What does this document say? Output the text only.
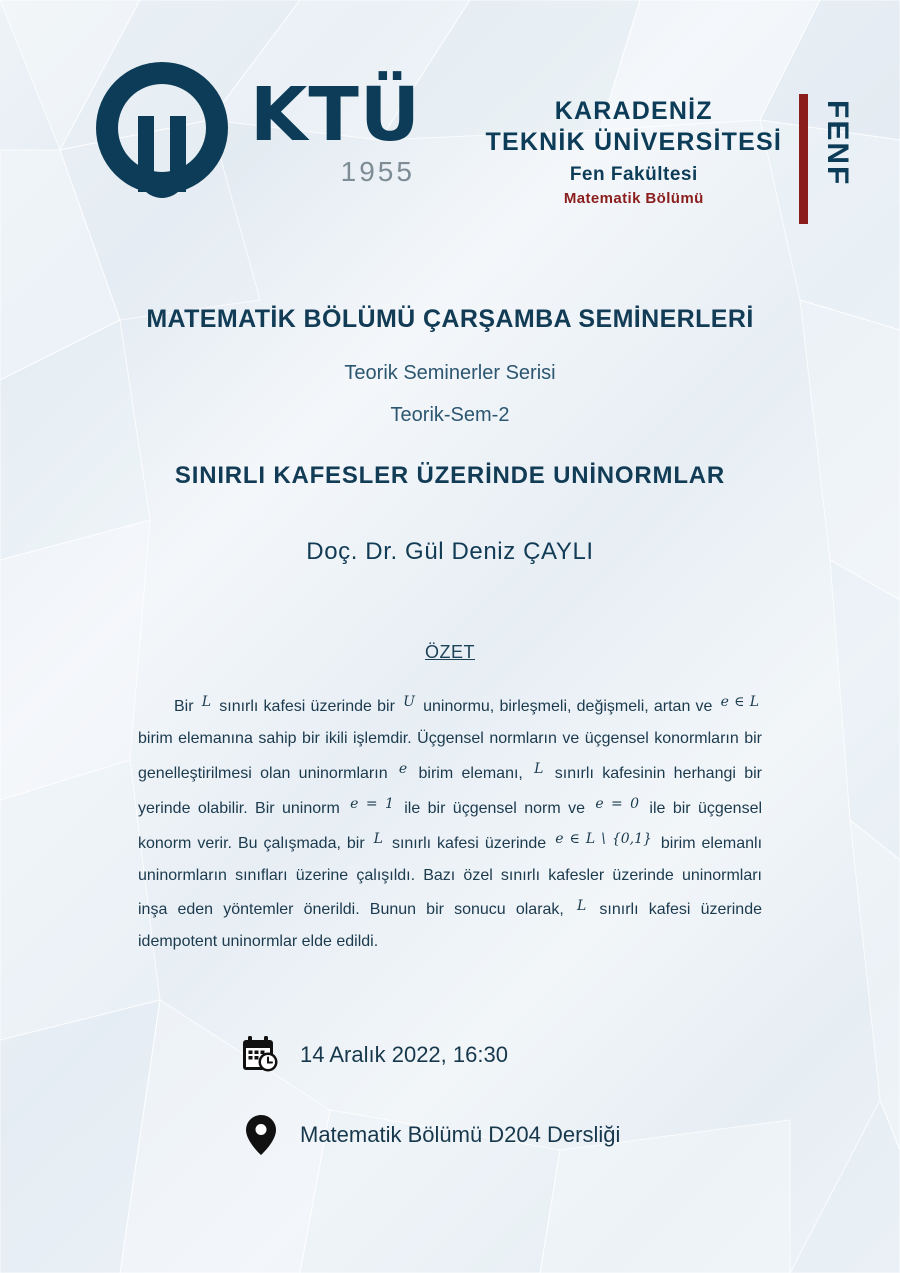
KTÜ
1955
KARADENİZ
TEKNİK ÜNİVERSİTESİ
Fen Fakültesi
Matematik Bölümü
FENF
MATEMATİK BÖLÜMÜ ÇARŞAMBA SEMİNERLERİ
Teorik Seminerler Serisi
Teorik-Sem-2
SINIRLI KAFESLER ÜZERİNDE UNİNORMLAR
Doç. Dr. Gül Deniz ÇAYLI
ÖZET
Bir L sınırlı kafesi üzerinde bir U uninormu, birleşmeli, değişmeli, artan ve e ∈ L birim elemanına sahip bir ikili işlemdir. Üçgensel normların ve üçgensel konormların bir genelleştirilmesi olan uninormların e birim elemanı, L sınırlı kafesinin herhangi bir yerinde olabilir. Bir uninorm e = 1 ile bir üçgensel norm ve e = 0 ile bir üçgensel konorm verir. Bu çalışmada, bir L sınırlı kafesi üzerinde e ∈ L \ {0,1} birim elemanlı uninormların sınıfları üzerine çalışıldı. Bazı özel sınırlı kafesler üzerinde uninormları inşa eden yöntemler önerildi. Bunun bir sonucu olarak, L sınırlı kafesi üzerinde idempotent uninormlar elde edildi.
14 Aralık 2022, 16:30
Matematik Bölümü D204 Dersliği
